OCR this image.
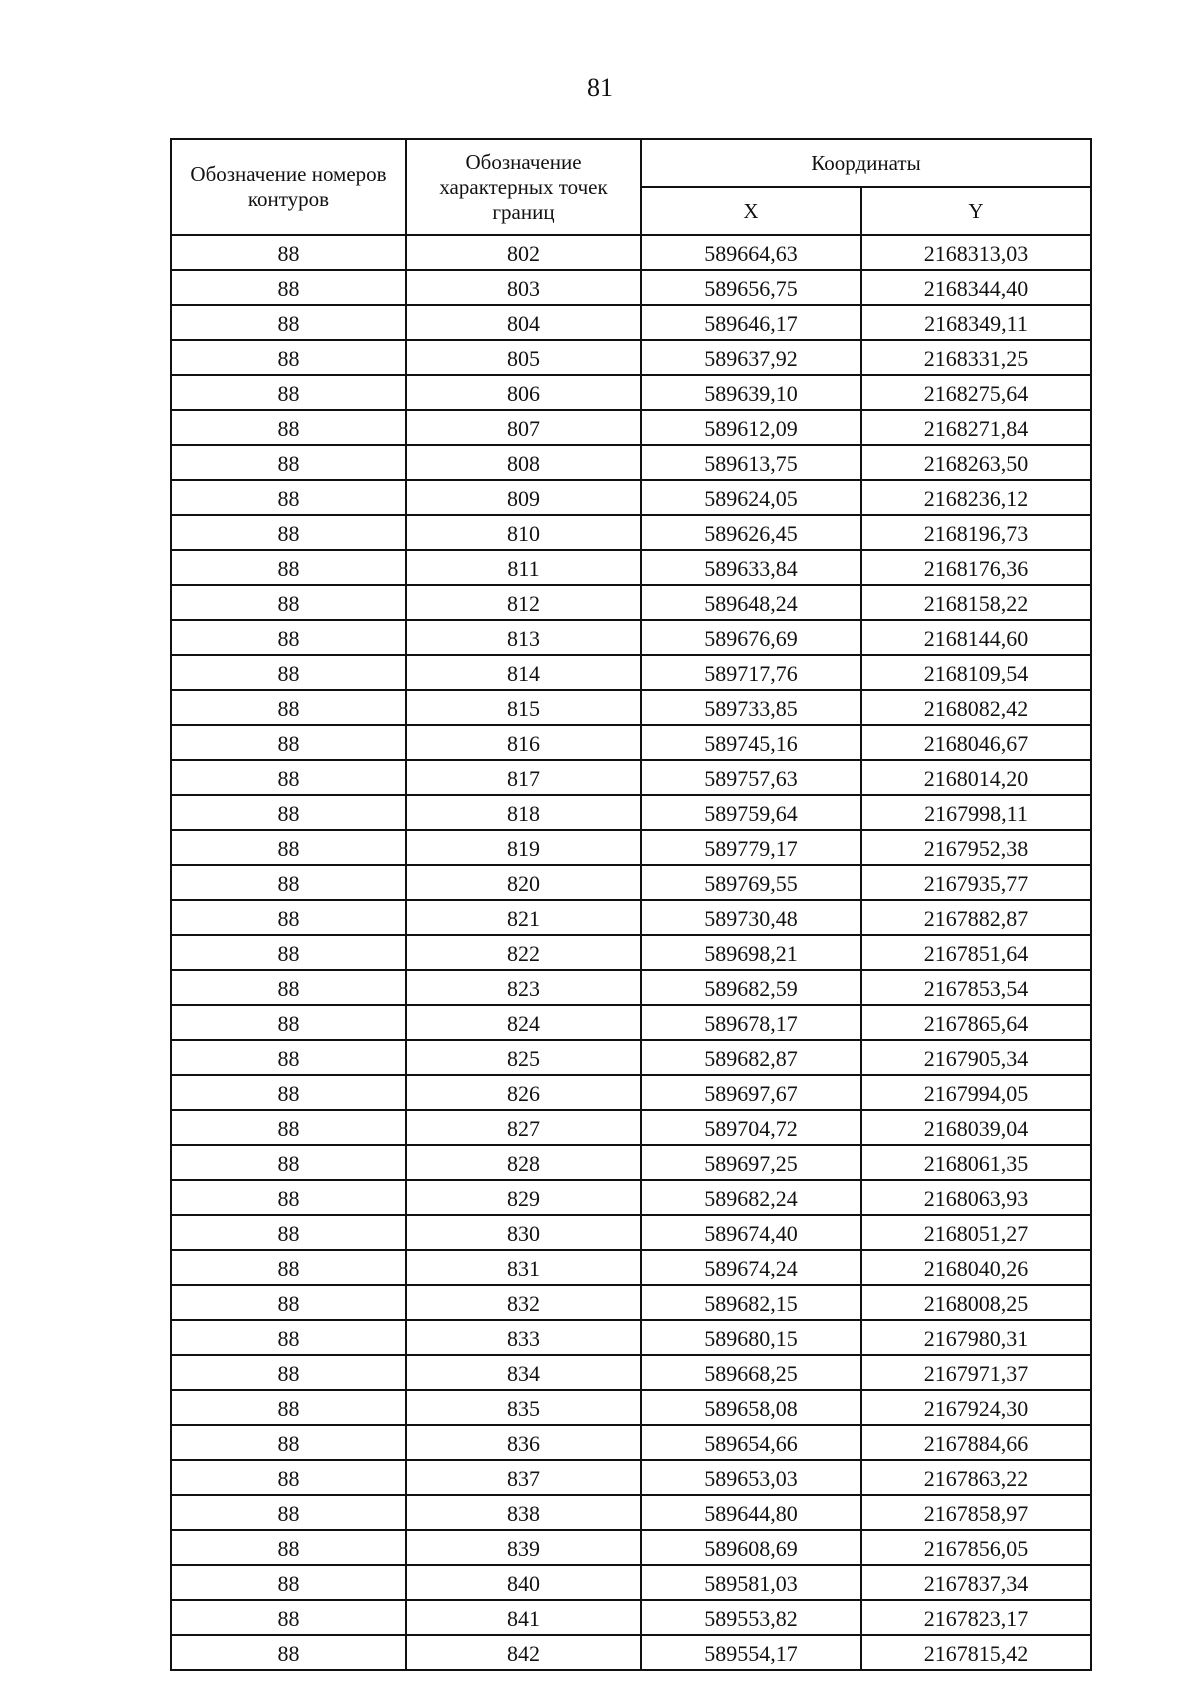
81
Обозначение номеров контуров	Обозначение характерных точек границ	Координаты	
		X	Y
88	802	589664,63	2168313,03
88	803	589656,75	2168344,40
88	804	589646,17	2168349,11
88	805	589637,92	2168331,25
88	806	589639,10	2168275,64
88	807	589612,09	2168271,84
88	808	589613,75	2168263,50
88	809	589624,05	2168236,12
88	810	589626,45	2168196,73
88	811	589633,84	2168176,36
88	812	589648,24	2168158,22
88	813	589676,69	2168144,60
88	814	589717,76	2168109,54
88	815	589733,85	2168082,42
88	816	589745,16	2168046,67
88	817	589757,63	2168014,20
88	818	589759,64	2167998,11
88	819	589779,17	2167952,38
88	820	589769,55	2167935,77
88	821	589730,48	2167882,87
88	822	589698,21	2167851,64
88	823	589682,59	2167853,54
88	824	589678,17	2167865,64
88	825	589682,87	2167905,34
88	826	589697,67	2167994,05
88	827	589704,72	2168039,04
88	828	589697,25	2168061,35
88	829	589682,24	2168063,93
88	830	589674,40	2168051,27
88	831	589674,24	2168040,26
88	832	589682,15	2168008,25
88	833	589680,15	2167980,31
88	834	589668,25	2167971,37
88	835	589658,08	2167924,30
88	836	589654,66	2167884,66
88	837	589653,03	2167863,22
88	838	589644,80	2167858,97
88	839	589608,69	2167856,05
88	840	589581,03	2167837,34
88	841	589553,82	2167823,17
88	842	589554,17	2167815,42
